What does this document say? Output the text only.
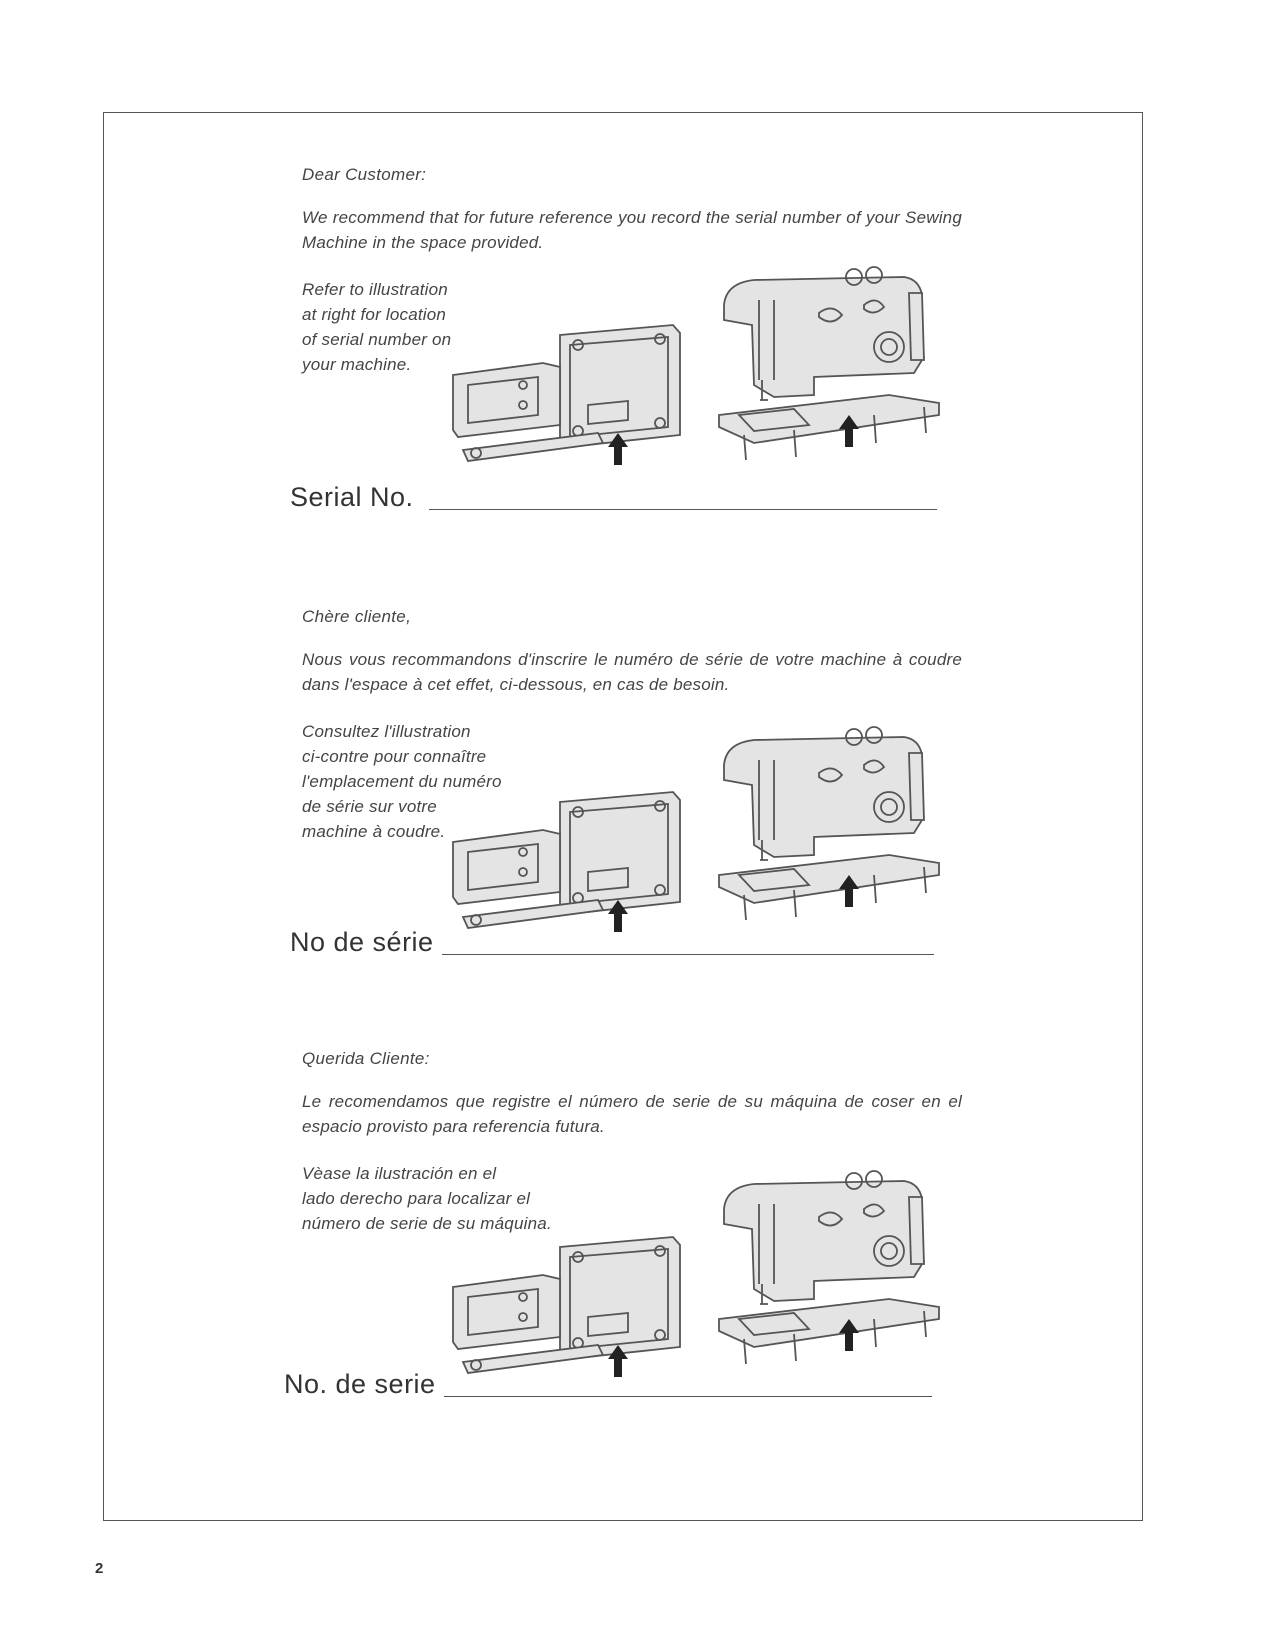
Dear Customer:
We recommend that for future reference you record the serial number of your Sewing Machine in the space provided.
Refer to illustration
at right for location
of serial number on
your machine.
Serial No.
Chère cliente,
Nous vous recommandons d'inscrire le numéro de série de votre machine à coudre dans l'espace à cet effet, ci-dessous, en cas de besoin.
Consultez l'illustration
ci-contre pour connaître
l'emplacement du numéro
de série sur votre
machine à coudre.
No de série
Querida Cliente:
Le recomendamos que registre el número de serie de su máquina de coser en el espacio provisto para referencia futura.
Vèase la ilustración en el
lado derecho para localizar el
número de serie de su máquina.
No. de serie
2
